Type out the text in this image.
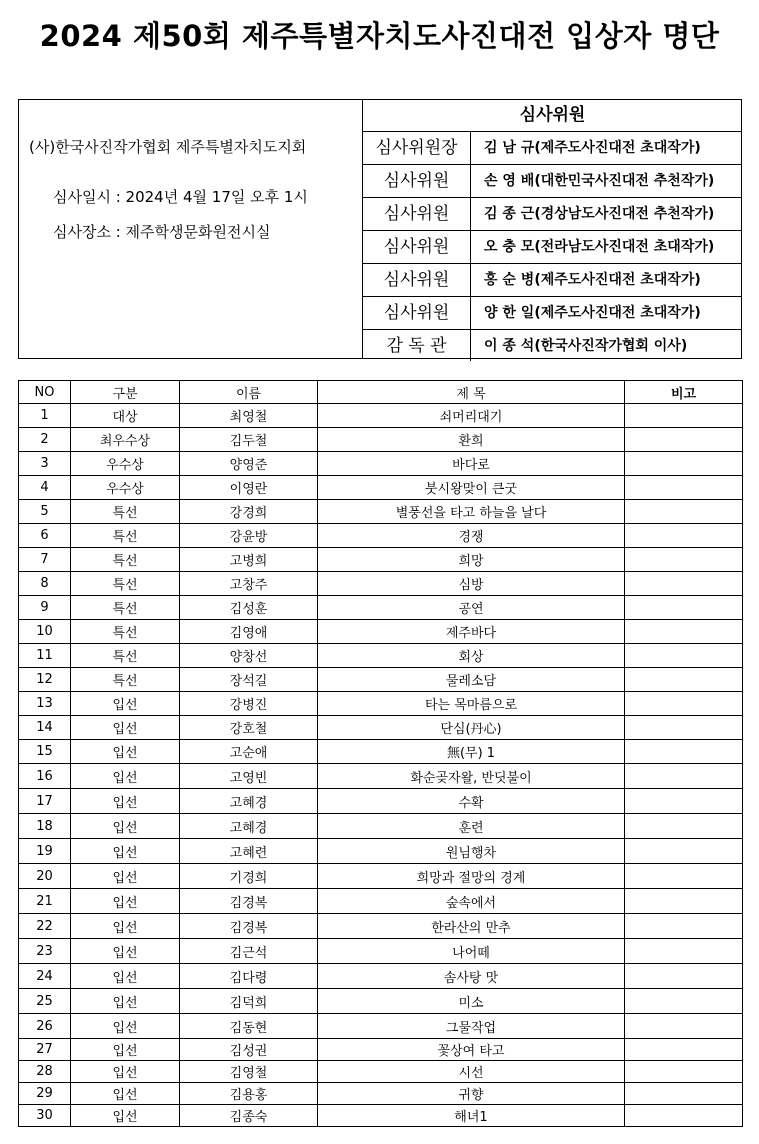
2024 제50회 제주특별자치도사진대전 입상자 명단
(사)한국사진작가협회 제주특별자치도지회
심사일시 : 2024년 4월 17일 오후 1시
심사장소 : 제주학생문화원전시실
심사위원
심사위원장	김 남 규(제주도사진대전 초대작가)
심사위원	손 영 배(대한민국사진대전 추천작가)
심사위원	김 종 근(경상남도사진대전 추천작가)
심사위원	오 충 모(전라남도사진대전 초대작가)
심사위원	홍 순 병(제주도사진대전 초대작가)
심사위원	양 한 일(제주도사진대전 초대작가)
감 독 관	이 종 석(한국사진작가협회 이사)
NO	구분	이름	제 목	비고
1	대상	최영철	쇠머리대기	
2	최우수상	김두철	환희	
3	우수상	양영준	바다로	
4	우수상	이영란	붓시왕맞이 큰굿	
5	특선	강경희	별풍선을 타고 하늘을 날다	
6	특선	강윤방	경쟁	
7	특선	고병희	희망	
8	특선	고창주	심방	
9	특선	김성훈	공연	
10	특선	김영애	제주바다	
11	특선	양창선	회상	
12	특선	장석길	물레소담	
13	입선	강병진	타는 목마름으로	
14	입선	강호철	단심(丹心)	
15	입선	고순애	無(무) 1	
16	입선	고영빈	화순곶자왈, 반딧불이	
17	입선	고혜경	수확	
18	입선	고혜경	훈련	
19	입선	고혜련	원님행차	
20	입선	기경희	희망과 절망의 경계	
21	입선	김경복	숲속에서	
22	입선	김경복	한라산의 만추	
23	입선	김근석	나어떼	
24	입선	김다령	솜사탕 맛	
25	입선	김덕희	미소	
26	입선	김동현	그물작업	
27	입선	김성권	꽃상여 타고	
28	입선	김영철	시선	
29	입선	김용홍	귀향	
30	입선	김종숙	해녀1	
